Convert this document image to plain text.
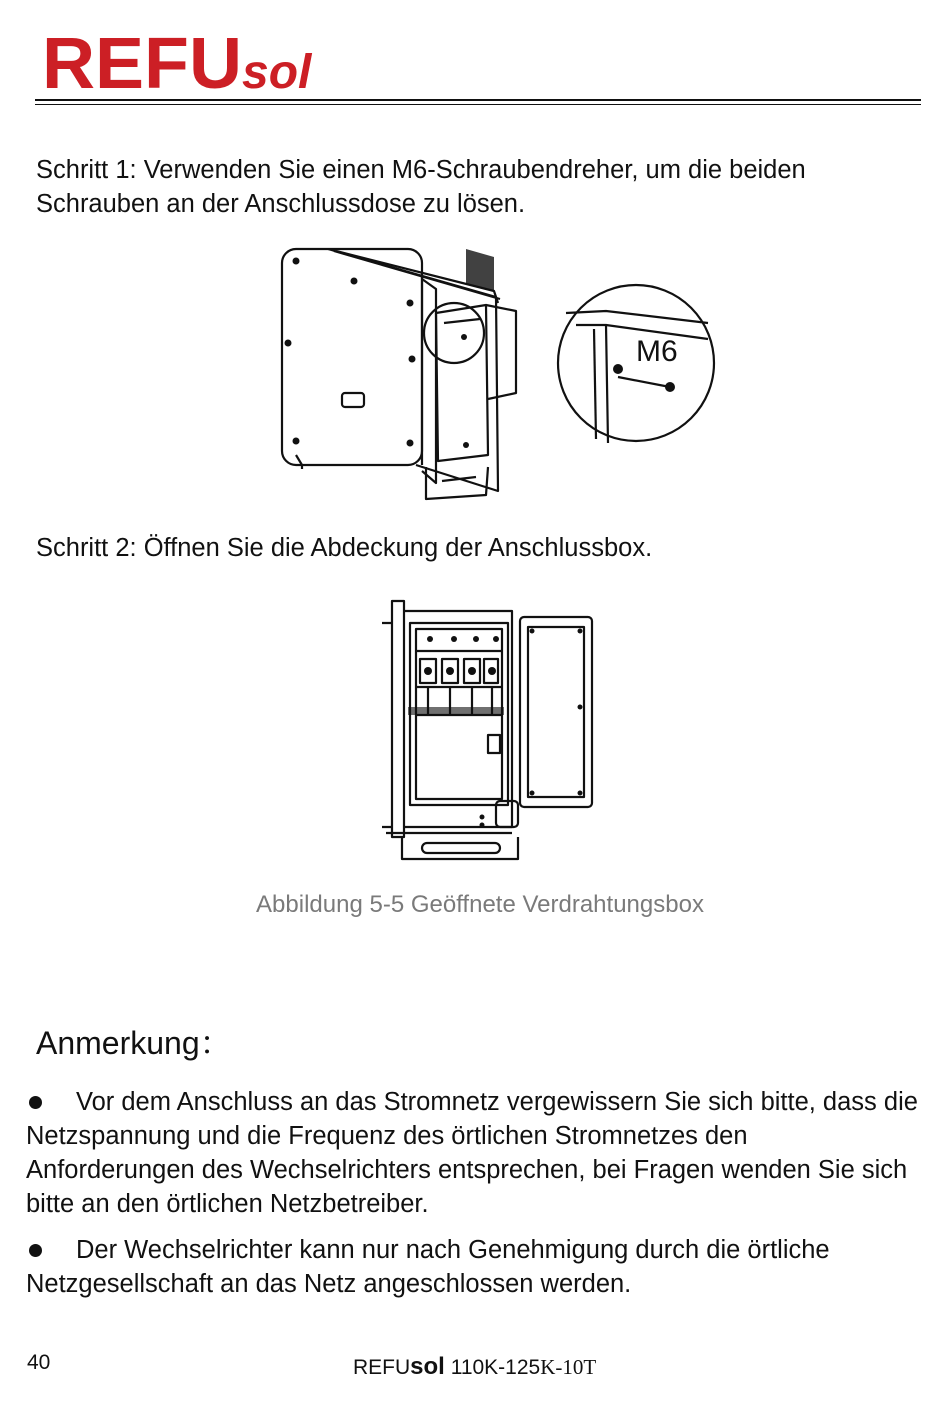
REFU sol
Schritt 1: Verwenden Sie einen M6-Schraubendreher, um die beiden Schrauben an der Anschlussdose zu lösen.
M6
Schritt 2: Öffnen Sie die Abdeckung der Anschlussbox.
Abbildung 5-5 Geöffnete Verdrahtungsbox
Anmerkung：
Vor dem Anschluss an das Stromnetz vergewissern Sie sich bitte, dass die Netzspannung und die Frequenz des örtlichen Stromnetzes den Anforderungen des Wechselrichters entsprechen, bei Fragen wenden Sie sich bitte an den örtlichen Netzbetreiber.
Der Wechselrichter kann nur nach Genehmigung durch die örtliche Netzgesellschaft an das Netz angeschlossen werden.
40	REFUsol 110K-125K-10T
